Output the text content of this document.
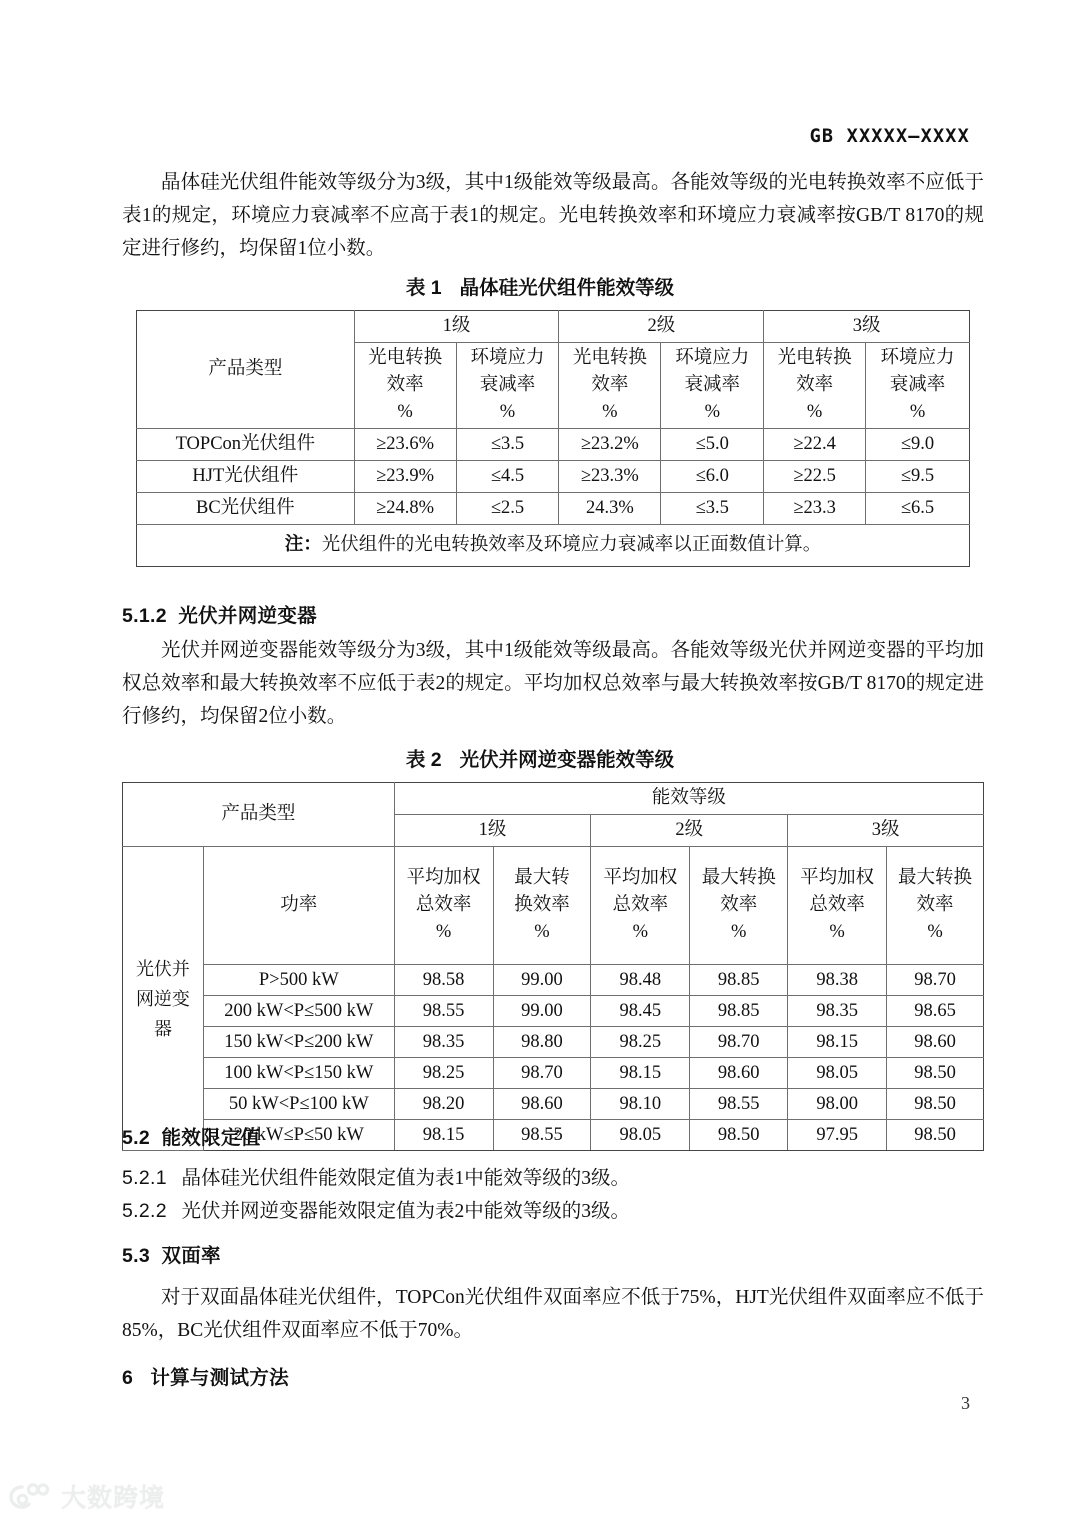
GB XXXXX—XXXX
晶体硅光伏组件能效等级分为3级，其中1级能效等级最高。各能效等级的光电转换效率不应低于表1的规定，环境应力衰减率不应高于表1的规定。光电转换效率和环境应力衰减率按GB/T 8170的规定进行修约，均保留1位小数。
表 1 晶体硅光伏组件能效等级
产品类型	1级		2级		3级	

	光电转换
效率
%	环境应力
衰减率
%	光电转换
效率
%	环境应力
衰减率
%	光电转换
效率
%	环境应力
衰减率
%

TOPCon光伏组件	≥23.6%	≤3.5	≥23.2%	≤5.0	≥22.4	≤9.0
HJT光伏组件	≥23.9%	≤4.5	≥23.3%	≤6.0	≥22.5	≤9.5
BC光伏组件	≥24.8%	≤2.5	24.3%	≤3.5	≥23.3	≤6.5
注：光伏组件的光电转换效率及环境应力衰减率以正面数值计算。						
5.1.2 光伏并网逆变器
光伏并网逆变器能效等级分为3级，其中1级能效等级最高。各能效等级光伏并网逆变器的平均加权总效率和最大转换效率不应低于表2的规定。平均加权总效率与最大转换效率按GB/T 8170的规定进行修约，均保留2位小数。
表 2 光伏并网逆变器能效等级
产品类型		能效等级					
		1级		2级		3级	

光伏并
网逆变
器	功率	平均加权
总效率
%	最大转
换效率
%	平均加权
总效率
%	最大转换
效率
%	平均加权
总效率
%	最大转换
效率
%

	P>500 kW	98.58	99.00	98.48	98.85	98.38	98.70
	200 kW<P≤500 kW	98.55	99.00	98.45	98.85	98.35	98.65
	150 kW<P≤200 kW	98.35	98.80	98.25	98.70	98.15	98.60
	100 kW<P≤150 kW	98.25	98.70	98.15	98.60	98.05	98.50
	50 kW<P≤100 kW	98.20	98.60	98.10	98.55	98.00	98.50
	20 kW≤P≤50 kW	98.15	98.55	98.05	98.50	97.95	98.50
5.2 能效限定值
5.2.1 晶体硅光伏组件能效限定值为表1中能效等级的3级。
5.2.2 光伏并网逆变器能效限定值为表2中能效等级的3级。
5.3 双面率
对于双面晶体硅光伏组件，TOPCon光伏组件双面率应不低于75%，HJT光伏组件双面率应不低于85%，BC光伏组件双面率应不低于70%。
6 计算与测试方法
3
大数跨境
